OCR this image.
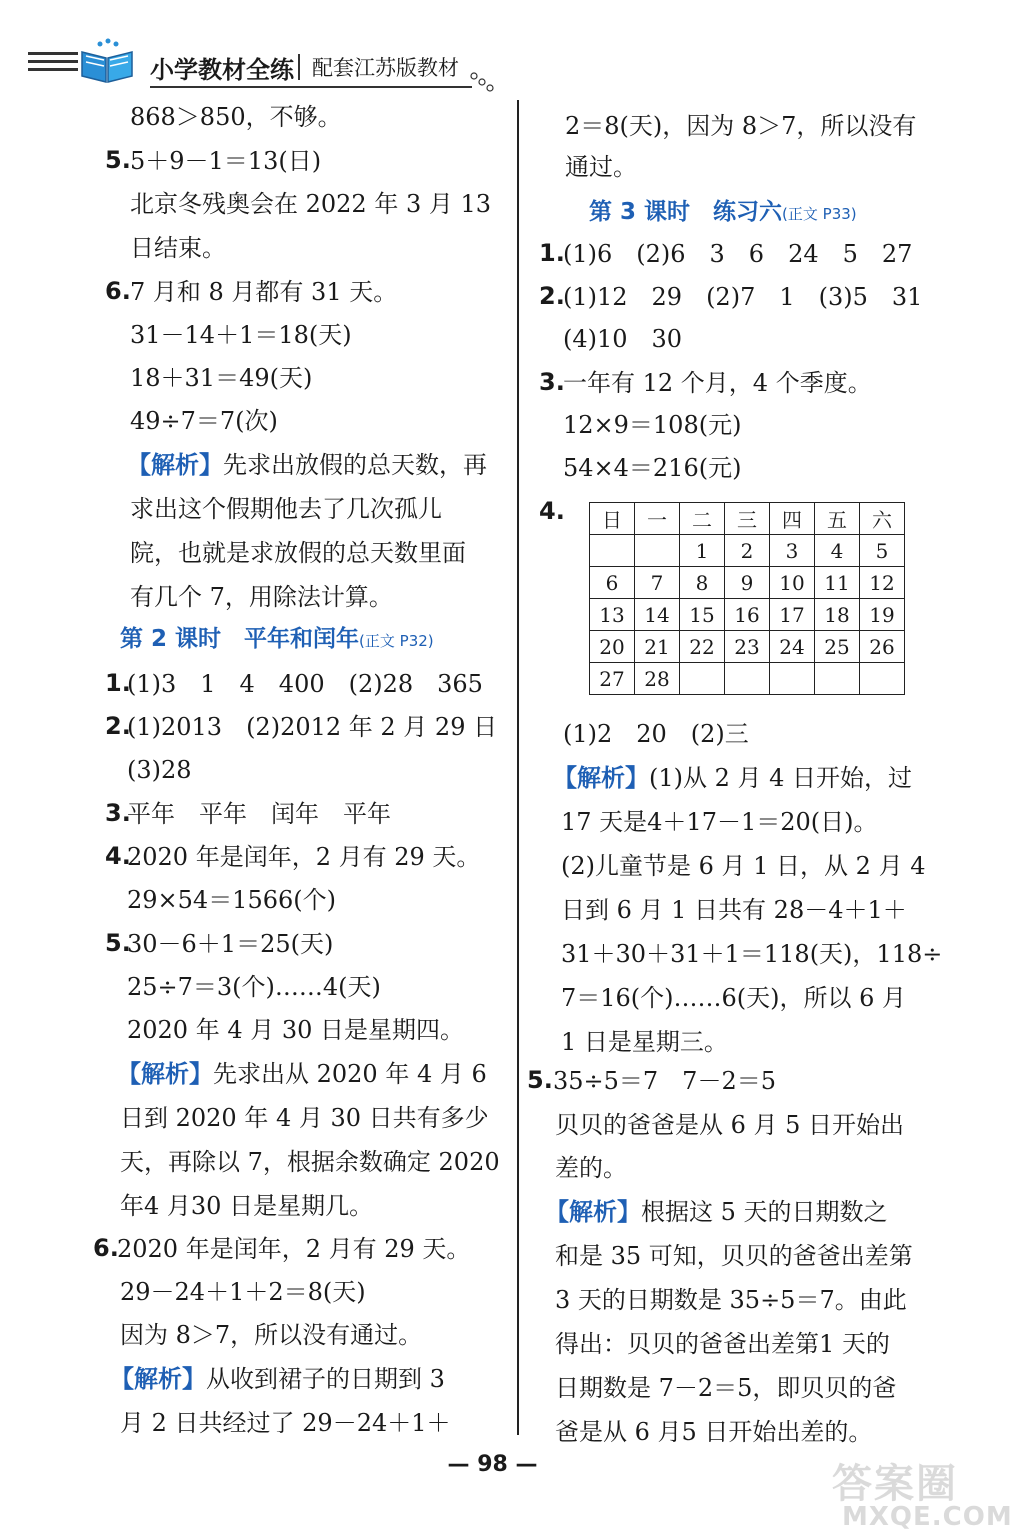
小学教材全练 配套江苏版教材
868＞850，不够。
5. 5＋9－1＝13(日)
北京冬残奥会在 2022 年 3 月 13
日结束。
6. 7 月和 8 月都有 31 天。
31－14＋1＝18(天)
18＋31＝49(天)
49÷7＝7(次)
【解析】先求出放假的总天数，再
求出这个假期他去了几次孤儿
院，也就是求放假的总天数里面
有几个 7，用除法计算。
第 2 课时　平年和闰年(正文 P32)
1.
(1)3　1　4　400　(2)28　365
2.
(1)2013　(2)2012 年 2 月 29 日
(3)28
3.
平年　平年　闰年　平年
4.
2020 年是闰年，2 月有 29 天。
29×54＝1566(个)
5.
30－6＋1＝25(天)
25÷7＝3(个)……4(天)
2020 年 4 月 30 日是星期四。
【解析】先求出从 2020 年 4 月 6
日到 2020 年 4 月 30 日共有多少
天，再除以 7，根据余数确定 2020
年4 月30 日是星期几。
6.
2020 年是闰年，2 月有 29 天。
29－24＋1＋2＝8(天)
因为 8＞7，所以没有通过。
【解析】从收到裙子的日期到 3
月 2 日共经过了 29－24＋1＋
2＝8(天)，因为 8＞7，所以没有
通过。
第 3 课时　练习六(正文 P33)
1.
(1)6　(2)6　3　6　24　5　27
2.
(1)12　29　(2)7　1　(3)5　31
(4)10　30
3.
一年有 12 个月，4 个季度。
12×9＝108(元)
54×4＝216(元)
4. 日	一	二	三	四	五	六
		1	2	3	4	5
6	7	8	9	10	11	12
13	14	15	16	17	18	19
20	21	22	23	24	25	26
27	28					
(1)2　20　(2)三
【解析】(1)从 2 月 4 日开始，过
17 天是4＋17－1＝20(日)。
(2)儿童节是 6 月 1 日，从 2 月 4
日到 6 月 1 日共有 28－4＋1＋
31＋30＋31＋1＝118(天)，118÷
7＝16(个)……6(天)，所以 6 月
1 日是星期三。
5. 35÷5＝7　7－2＝5
贝贝的爸爸是从 6 月 5 日开始出
差的。
【解析】根据这 5 天的日期数之
和是 35 可知，贝贝的爸爸出差第
3 天的日期数是 35÷5＝7。由此
得出：贝贝的爸爸出差第1 天的
日期数是 7－2＝5，即贝贝的爸
爸是从 6 月5 日开始出差的。
— 98 —	答案圈
MXQE.COM
